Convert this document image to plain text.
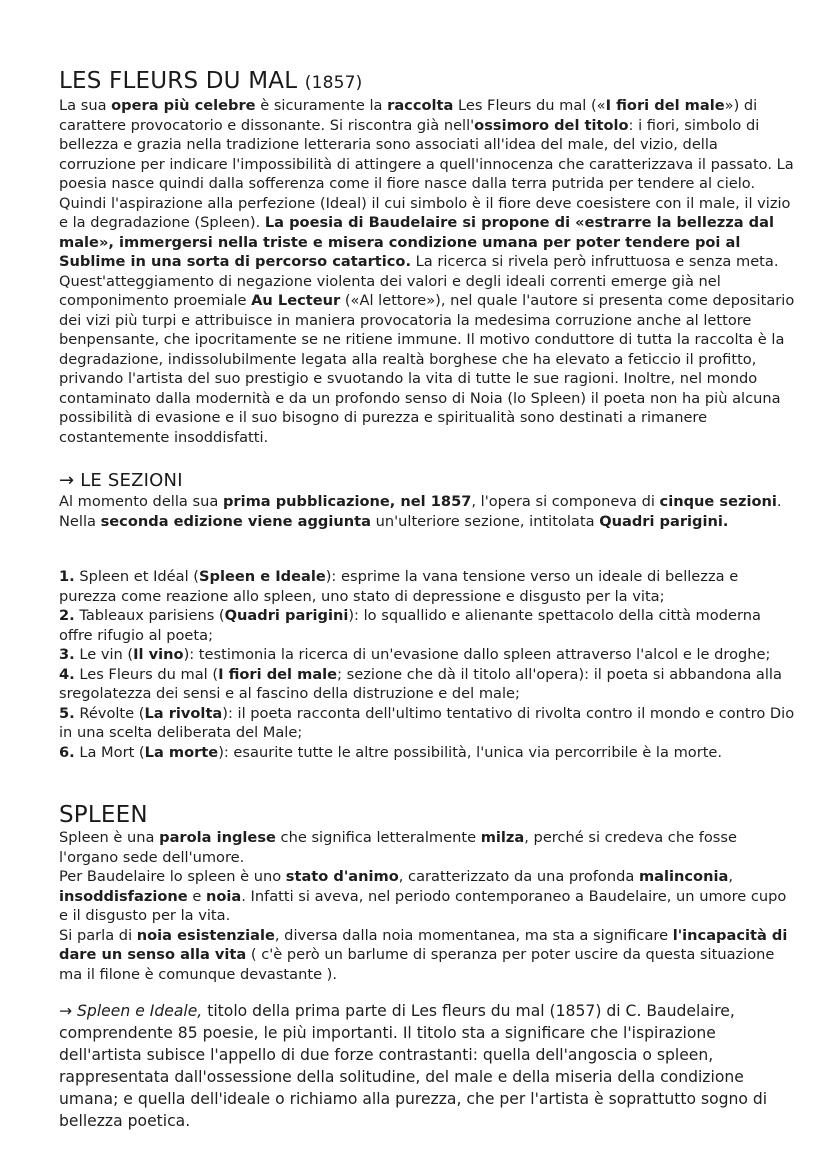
LES FLEURS DU MAL (1857)

La sua opera più celebre è sicuramente la raccolta Les Fleurs du mal («I fiori del male») di carattere provocatorio e dissonante. Si riscontra già nell'ossimoro del titolo: i fiori, simbolo di bellezza e grazia nella tradizione letteraria sono associati all'idea del male, del vizio, della corruzione per indicare l'impossibilità di attingere a quell'innocenza che caratterizzava il passato. La poesia nasce quindi dalla sofferenza come il fiore nasce dalla terra putrida per tendere al cielo. Quindi l'aspirazione alla perfezione (Ideal) il cui simbolo è il fiore deve coesistere con il male, il vizio e la degradazione (Spleen). La poesia di Baudelaire si propone di «estrarre la bellezza dal male», immergersi nella triste e misera condizione umana per poter tendere poi al Sublime in una sorta di percorso catartico. La ricerca si rivela però infruttuosa e senza meta. Quest'atteggiamento di negazione violenta dei valori e degli ideali correnti emerge già nel componimento proemiale Au Lecteur («Al lettore»), nel quale l'autore si presenta come depositario dei vizi più turpi e attribuisce in maniera provocatoria la medesima corruzione anche al lettore benpensante, che ipocritamente se ne ritiene immune. Il motivo conduttore di tutta la raccolta è la degradazione, indissolubilmente legata alla realtà borghese che ha elevato a feticcio il profitto, privando l'artista del suo prestigio e svuotando la vita di tutte le sue ragioni. Inoltre, nel mondo contaminato dalla modernità e da un profondo senso di Noia (lo Spleen) il poeta non ha più alcuna possibilità di evasione e il suo bisogno di purezza e spiritualità sono destinati a rimanere costantemente insoddisfatti.

→ LE SEZIONI

Al momento della sua prima pubblicazione, nel 1857, l'opera si componeva di cinque sezioni. Nella seconda edizione viene aggiunta un'ulteriore sezione, intitolata Quadri parigini.

1. Spleen et Idéal (Spleen e Ideale): esprime la vana tensione verso un ideale di bellezza e purezza come reazione allo spleen, uno stato di depressione e disgusto per la vita;

2. Tableaux parisiens (Quadri parigini): lo squallido e alienante spettacolo della città moderna offre rifugio al poeta;

3. Le vin (Il vino): testimonia la ricerca di un'evasione dallo spleen attraverso l'alcol e le droghe;

4. Les Fleurs du mal (I fiori del male; sezione che dà il titolo all'opera): il poeta si abbandona alla sregolatezza dei sensi e al fascino della distruzione e del male;

5. Révolte (La rivolta): il poeta racconta dell'ultimo tentativo di rivolta contro il mondo e contro Dio in una scelta deliberata del Male;

6. La Mort (La morte): esaurite tutte le altre possibilità, l'unica via percorribile è la morte.

SPLEEN

Spleen è una parola inglese che significa letteralmente milza, perché si credeva che fosse l'organo sede dell'umore.

Per Baudelaire lo spleen è uno stato d'animo, caratterizzato da una profonda malinconia, insoddisfazione e noia. Infatti si aveva, nel periodo contemporaneo a Baudelaire, un umore cupo e il disgusto per la vita.

Si parla di noia esistenziale, diversa dalla noia momentanea, ma sta a significare l'incapacità di dare un senso alla vita ( c'è però un barlume di speranza per poter uscire da questa situazione ma il filone è comunque devastante ).

→ Spleen e Ideale, titolo della prima parte di Les fleurs du mal (1857) di C. Baudelaire, comprendente 85 poesie, le più importanti. Il titolo sta a significare che l'ispirazione dell'artista subisce l'appello di due forze contrastanti: quella dell'angoscia o spleen, rappresentata dall'ossessione della solitudine, del male e della miseria della condizione umana; e quella dell'ideale o richiamo alla purezza, che per l'artista è soprattutto sogno di bellezza poetica.
